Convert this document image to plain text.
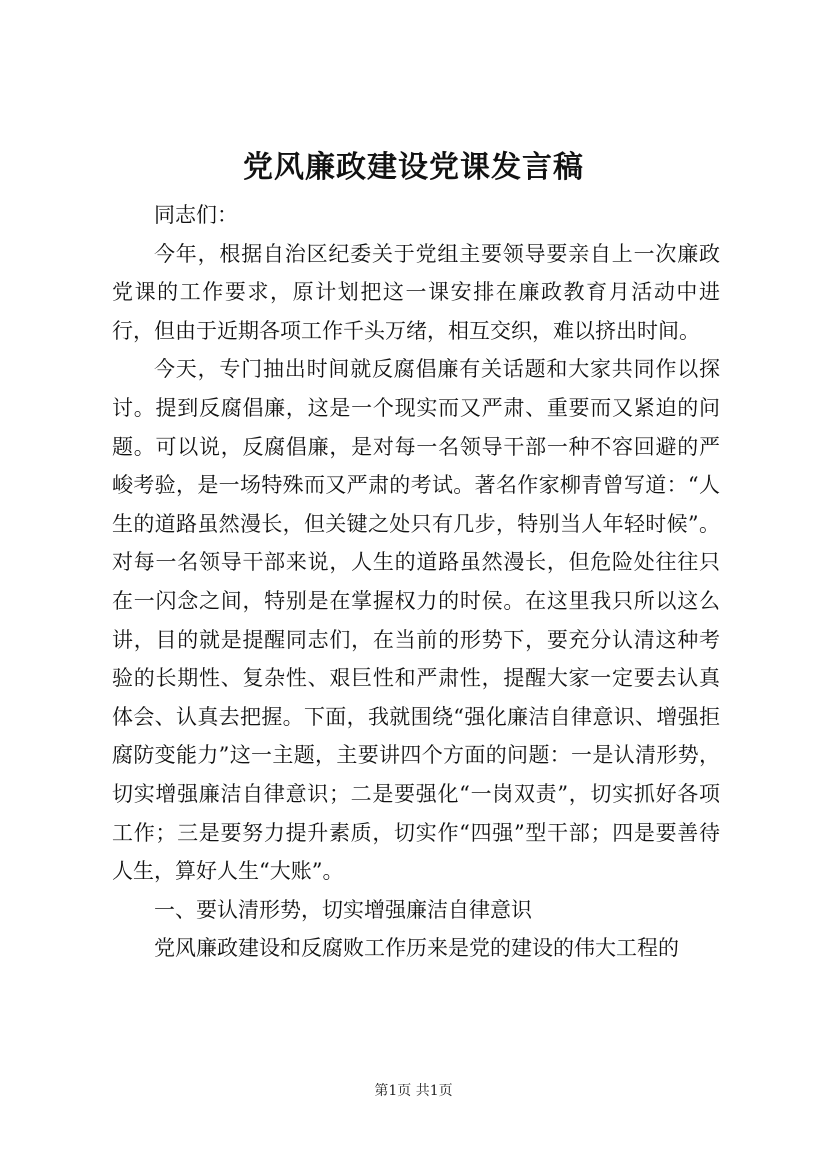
党风廉政建设党课发言稿

同志们：

今年，根据自治区纪委关于党组主要领导要亲自上一次廉政党课的工作要求，原计划把这一课安排在廉政教育月活动中进行，但由于近期各项工作千头万绪，相互交织，难以挤出时间。

今天，专门抽出时间就反腐倡廉有关话题和大家共同作以探讨。提到反腐倡廉，这是一个现实而又严肃、重要而又紧迫的问题。可以说，反腐倡廉，是对每一名领导干部一种不容回避的严峻考验，是一场特殊而又严肃的考试。著名作家柳青曾写道：“人生的道路虽然漫长，但关键之处只有几步，特别当人年轻时候”。对每一名领导干部来说，人生的道路虽然漫长，但危险处往往只在一闪念之间，特别是在掌握权力的时侯。在这里我只所以这么讲，目的就是提醒同志们，在当前的形势下，要充分认清这种考验的长期性、复杂性、艰巨性和严肃性，提醒大家一定要去认真体会、认真去把握。下面，我就围绕“强化廉洁自律意识、增强拒腐防变能力”这一主题，主要讲四个方面的问题：一是认清形势，切实增强廉洁自律意识；二是要强化“一岗双责”，切实抓好各项工作；三是要努力提升素质，切实作“四强”型干部；四是要善待人生，算好人生“大账”。

一、要认清形势，切实增强廉洁自律意识

党风廉政建设和反腐败工作历来是党的建设的伟大工程的

第1页 共1页
